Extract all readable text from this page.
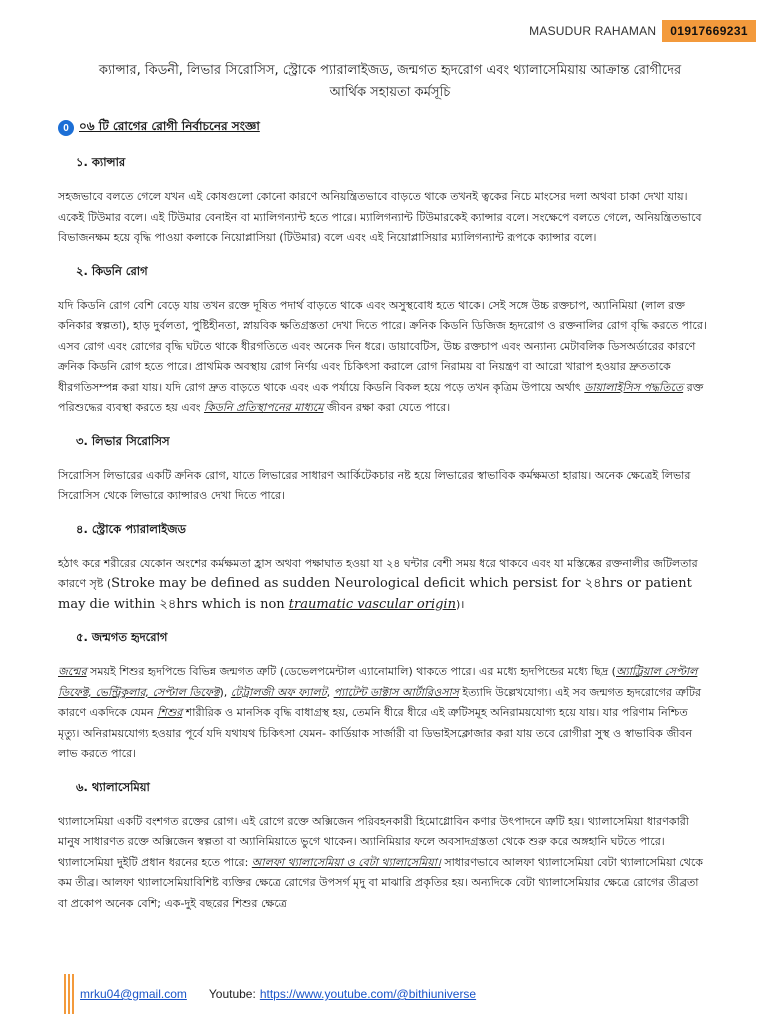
MASUDUR RAHAMAN	01917669231
ক্যান্সার, কিডনী, লিভার সিরোসিস, স্ট্রোকে প্যারালাইজড, জন্মগত হৃদরোগ এবং থ্যালাসেমিয়ায় আক্রান্ত রোগীদের
আর্থিক সহায়তা কর্মসূচি
0 ০৬ টি রোগের রোগী নির্বাচনের সংজ্ঞা
১. ক্যান্সার

সহজভাবে বলতে গেলে যখন এই কোষগুলো কোনো কারণে অনিয়ন্ত্রিতভাবে বাড়তে থাকে তখনই ত্বকের নিচে মাংসের দলা অথবা চাকা দেখা যায়। একেই টিউমার বলে। এই টিউমার বেনাইন বা ম্যালিগন্যান্ট হতে পারে। ম্যালিগন্যান্ট টিউমারকেই ক্যান্সার বলে। সংক্ষেপে বলতে গেলে, অনিয়ন্ত্রিতভাবে বিভাজনক্ষম হয়ে বৃদ্ধি পাওয়া কলাকে নিয়োপ্লাসিয়া (টিউমার) বলে এবং এই নিয়োপ্লাসিয়ার ম্যালিগন্যান্ট রূপকে ক্যান্সার বলে।

২. কিডনি রোগ

যদি কিডনি রোগ বেশি বেড়ে যায় তখন রক্তে দূষিত পদার্থ বাড়তে থাকে এবং অসুস্থবোধ হতে থাকে। সেই সঙ্গে উচ্চ রক্তচাপ, অ্যানিমিয়া (লাল রক্ত কনিকার স্বল্পতা), হাড় দুর্বলতা, পুষ্টিহীনতা, স্নায়বিক ক্ষতিগ্রস্ততা দেখা দিতে পারে। ক্রনিক কিডনি ডিজিজ হৃদরোগ ও রক্তনালির রোগ বৃদ্ধি করতে পারে। এসব রোগ এবং রোগের বৃদ্ধি ঘটতে থাকে ধীরগতিতে এবং অনেক দিন ধরে। ডায়াবেটিস, উচ্চ রক্তচাপ এবং অন্যান্য মেটাবলিক ডিসঅর্ডারের কারণে ক্রনিক কিডনি রোগ হতে পারে। প্রাথমিক অবস্থায় রোগ নির্ণয় এবং চিকিৎসা করালে রোগ নিরাময় বা নিয়ন্ত্রণ বা আরো খারাপ হওয়ার দ্রুততাকে ধীরগতিসম্পন্ন করা যায়। যদি রোগ দ্রুত বাড়তে থাকে এবং এক পর্যায়ে কিডনি বিকল হয়ে পড়ে তখন কৃত্রিম উপায়ে অর্থাৎ ডায়ালাইসিস পদ্ধতিতে রক্ত পরিশুদ্ধের ব্যবস্থা করতে হয় এবং কিডনি প্রতিস্থাপনের মাধ্যমে জীবন রক্ষা করা যেতে পারে।

৩. লিভার সিরোসিস

সিরোসিস লিভারের একটি ক্রনিক রোগ, যাতে লিভারের সাধারণ আর্কিটেকচার নষ্ট হয়ে লিভারের স্বাভাবিক কর্মক্ষমতা হারায়। অনেক ক্ষেত্রেই লিভার সিরোসিস থেকে লিভারে ক্যান্সারও দেখা দিতে পারে।

৪. স্ট্রোকে প্যারালাইজড

হঠাৎ করে শরীরের যেকোন অংশের কর্মক্ষমতা হ্রাস অথবা পক্ষাঘাত হওয়া যা ২৪ ঘন্টার বেশী সময় ধরে থাকবে এবং যা মস্তিষ্কের রক্তনালীর জটিলতার কারণে সৃষ্ট (Stroke may be defined as sudden Neurological deficit which persist for ২৪hrs or patient may die within ২৪hrs which is non traumatic vascular origin)।

৫. জন্মগত হৃদরোগ

জন্মের সময়ই শিশুর হৃদপিন্ডে বিভিন্ন জন্মগত ত্রুটি (ডেভেলপমেন্টাল এ্যানোমালি) থাকতে পারে। এর মধ্যে হৃদপিন্ডের মধ্যে ছিদ্র (অ্যাট্রিয়াল সেপ্টাল ডিফেক্ট, ভেন্ট্রিকুলার, সেপ্টাল ডিফেক্ট), টেট্রালজী অফ ফ্যালট, প্যাটেন্ট ডাক্টাস আর্টারিওসাস ইত্যাদি উল্লেখযোগ্য। এই সব জন্মগত হৃদরোগের ত্রুটির কারণে একদিকে যেমন শিশুর শারীরিক ও মানসিক বৃদ্ধি বাধাগ্রস্থ হয়, তেমনি ধীরে ধীরে এই ত্রুটিসমূহ অনিরাময়যোগ্য হয়ে যায়। যার পরিণাম নিশ্চিত মৃত্যু। অনিরাময়যোগ্য হওয়ার পূর্বে যদি যথাযথ চিকিৎসা যেমন- কার্ডিয়াক সার্জারী বা ডিভাইসক্লোজার করা যায় তবে রোগীরা সুস্থ ও স্বাভাবিক জীবন লাভ করতে পারে।

৬. থ্যালাসেমিয়া

থ্যালাসেমিয়া একটি বংশগত রক্তের রোগ। এই রোগে রক্তে অক্সিজেন পরিবহনকারী হিমোগ্লোবিন কণার উৎপাদনে ত্রুটি হয়। থ্যালাসেমিয়া ধারণকারী মানুষ সাধারণত রক্তে অক্সিজেন স্বল্পতা বা অ্যানিমিয়াতে ভুগে থাকেন। অ্যানিমিয়ার ফলে অবসাদগ্রস্ততা থেকে শুরু করে অঙ্গহানি ঘটতে পারে। থ্যালাসেমিয়া দুইটি প্রধান ধরনের হতে পারে: আলফা থ্যালাসেমিয়া ও বেটা থ্যালাসেমিয়া। সাধারণভাবে আলফা থ্যালাসেমিয়া বেটা থ্যালাসেমিয়া থেকে কম তীব্র। আলফা থ্যালাসেমিয়াবিশিষ্ট ব্যক্তির ক্ষেত্রে রোগের উপসর্গ মৃদু বা মাঝারি প্রকৃতির হয়। অন্যদিকে বেটা থ্যালাসেমিয়ার ক্ষেত্রে রোগের তীব্রতা বা প্রকোপ অনেক বেশি; এক-দুই বছরের শিশুর ক্ষেত্রে

mrku04@gmail.com Youtube: https://www.youtube.com/@bithiuniverse
